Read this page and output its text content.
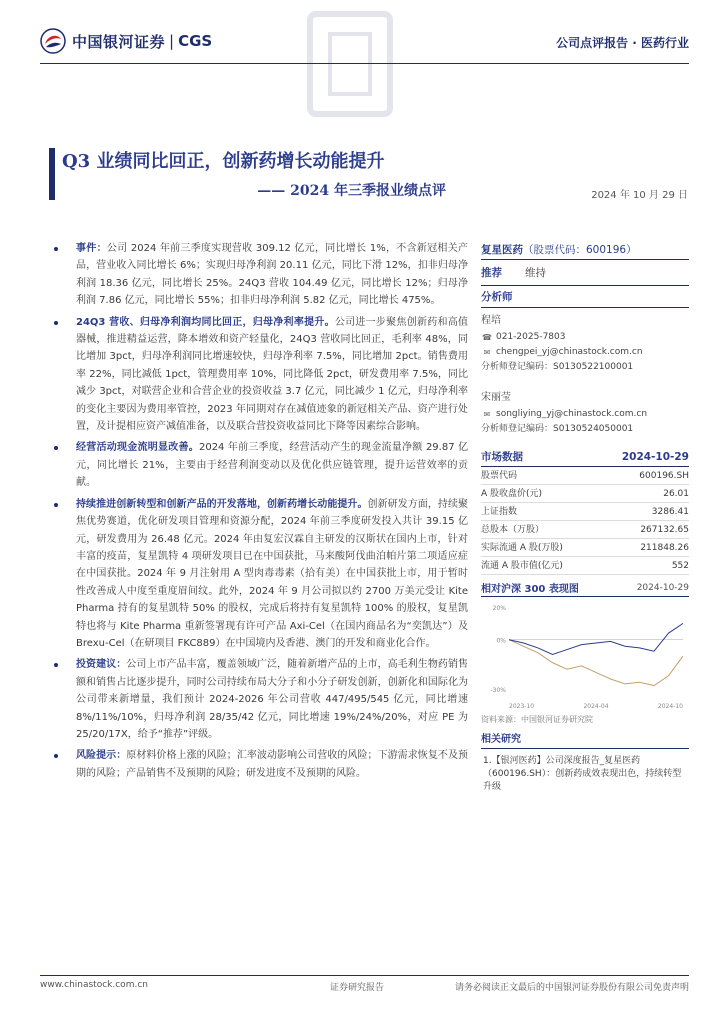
中国银河证券 | CGS	公司点评报告 · 医药行业
Q3 业绩同比回正，创新药增长动能提升
—— 2024 年三季报业绩点评	2024 年 10 月 29 日
事件：公司 2024 年前三季度实现营收 309.12 亿元，同比增长 1%，不含新冠相关产品，营业收入同比增长 6%；实现归母净利润 20.11 亿元，同比下滑 12%，扣非归母净利润 18.36 亿元，同比增长 25%。24Q3 营收 104.49 亿元，同比增长 12%；归母净利润 7.86 亿元，同比增长 55%；扣非归母净利润 5.82 亿元，同比增长 475%。
24Q3 营收、归母净利润均同比回正，归母净利率提升。公司进一步聚焦创新药和高值器械，推进精益运营，降本增效和资产轻量化，24Q3 营收同比回正，毛利率 48%，同比增加 3pct，归母净利润同比增速较快，归母净利率 7.5%，同比增加 2pct。销售费用率 22%，同比减低 1pct，管理费用率 10%，同比降低 2pct，研发费用率 7.5%，同比减少 3pct，对联营企业和合营企业的投资收益 3.7 亿元，同比减少 1 亿元，归母净利率的变化主要因为费用率管控，2023 年同期对存在减值迹象的新冠相关产品、资产进行处置，及计提相应资产减值准备，以及联合营投资收益同比下降等因素综合影响。
经营活动现金流明显改善。2024 年前三季度，经营活动产生的现金流量净额 29.87 亿元，同比增长 21%，主要由于经营利润变动以及优化供应链管理，提升运营效率的贡献。
持续推进创新转型和创新产品的开发落地，创新药增长动能提升。创新研发方面，持续聚焦优势赛道，优化研发项目管理和资源分配，2024 年前三季度研发投入共计 39.15 亿元，研发费用为 26.48 亿元。2024 年由复宏汉霖自主研发的汉斯状在国内上市，针对丰富的疫苗，复星凯特 4 项研发项目已在中国获批，马来酸阿伐曲泊帕片第二项适应症在中国获批。2024 年 9 月注射用 A 型肉毒毒素（拾有美）在中国获批上市，用于暂时性改善成人中度至重度眉间纹。此外，2024 年 9 月公司拟以约 2700 万美元受让 Kite Pharma 持有的复星凯特 50% 的股权，完成后将持有复星凯特 100% 的股权，复星凯特也将与 Kite Pharma 重新签署现有许可产品 Axi-Cel（在国内商品名为“奕凯达”）及 Brexu-Cel（在研项目 FKC889）在中国境内及香港、澳门的开发和商业化合作。
投资建议：公司上市产品丰富，覆盖领域广泛，随着新增产品的上市，高毛利生物药销售额和销售占比逐步提升，同时公司持续布局大分子和小分子研发创新，创新化和国际化为公司带来新增量，我们预计 2024-2026 年公司营收 447/495/545 亿元，同比增速 8%/11%/10%，归母净利润 28/35/42 亿元，同比增速 19%/24%/20%，对应 PE 为 25/20/17X，给予“推荐”评级。
风险提示：原材料价格上涨的风险；汇率波动影响公司营收的风险；下游需求恢复不及预期的风险；产品销售不及预期的风险；研发进度不及预期的风险。
复星医药 （股票代码：600196）
推荐	维持
分析师
程培
☎ 021-2025-7803
✉ chengpei_yj@chinastock.com.cn
分析师登记编码：S0130522100001
宋丽莹
✉ songliying_yj@chinastock.com.cn
分析师登记编码：S0130524050001
市场数据	2024-10-29
股票代码	600196.SH
A 股收盘价(元)	26.01
上证指数	3286.41
总股本（万股）	267132.65
实际流通 A 股(万股)	211848.26
流通 A 股市值(亿元)	552
相对沪深 300 表现图	2024-10-29
-30%
0%
20%
2023-10	2024-04	2024-10
资料来源：中国银河证券研究院
相关研究
1.【银河医药】公司深度报告_复星医药（600196.SH）：创新药成效表现出色，持续转型升级
www.chinastock.com.cn	证券研究报告	请务必阅读正文最后的中国银河证券股份有限公司免责声明
